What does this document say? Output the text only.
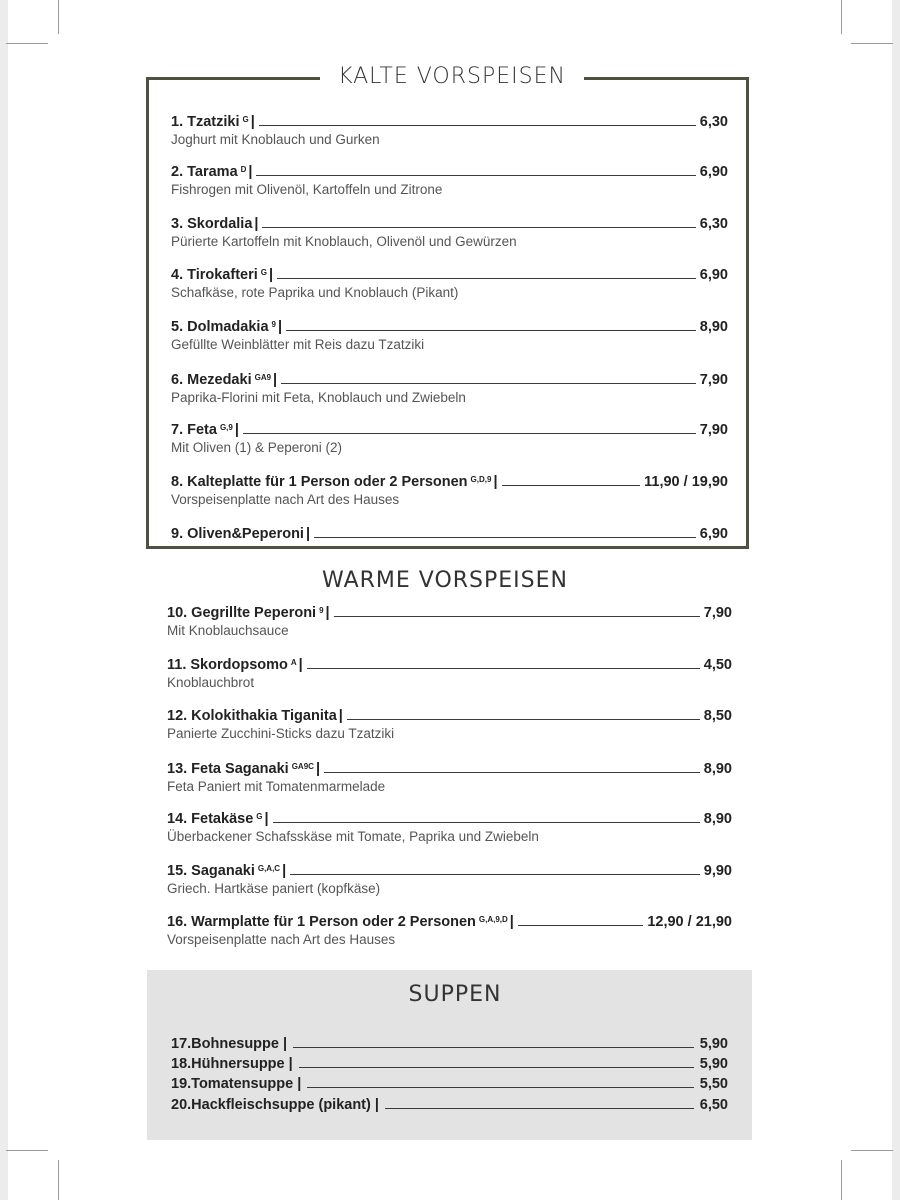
KALTE VORSPEISEN
1. Tzatziki $^G$ |	6,30
Joghurt mit Knoblauch und Gurken
2. Tarama $^D$ |	6,90
Fishrogen mit Olivenöl, Kartoffeln und Zitrone
3. Skordalia |	6,30
Pürierte Kartoffeln mit Knoblauch, Olivenöl und Gewürzen
4. Tirokafteri $^G$ |	6,90
Schafkäse, rote Paprika und Knoblauch (Pikant)
5. Dolmadakia $^9$ |	8,90
Gefüllte Weinblätter mit Reis dazu Tzatziki
6. Mezedaki $^{GA9}$ |	7,90
Paprika-Florini mit Feta, Knoblauch und Zwiebeln
7. Feta $^{G,9}$ |	7,90
Mit Oliven (1) & Peperoni (2)
8. Kalteplatte für 1 Person oder 2 Personen $^{G,D,9}$ |	11,90 / 19,90
Vorspeisenplatte nach Art des Hauses
9. Oliven&Peperoni |	6,90
WARME VORSPEISEN
10. Gegrillte Peperoni $^9$ |	7,90
Mit Knoblauchsauce
11. Skordopsomo $^A$ |	4,50
Knoblauchbrot
12. Kolokithakia Tiganita |	8,50
Panierte Zucchini-Sticks dazu Tzatziki
13. Feta Saganaki $^{GA9C}$ |	8,90
Feta Paniert mit Tomatenmarmelade
14. Fetakäse $^G$ |	8,90
Überbackener Schafsskäse mit Tomate, Paprika und Zwiebeln
15. Saganaki $^{G,A,C}$ |	9,90
Griech. Hartkäse paniert (kopfkäse)
16. Warmplatte für 1 Person oder 2 Personen $^{G,A,9,D}$ |	12,90 / 21,90
Vorspeisenplatte nach Art des Hauses
SUPPEN
17.Bohnesuppe |	5,90
18.Hühnersuppe |	5,90
19.Tomatensuppe |	5,50
20.Hackfleischsuppe (pikant) |	6,50
